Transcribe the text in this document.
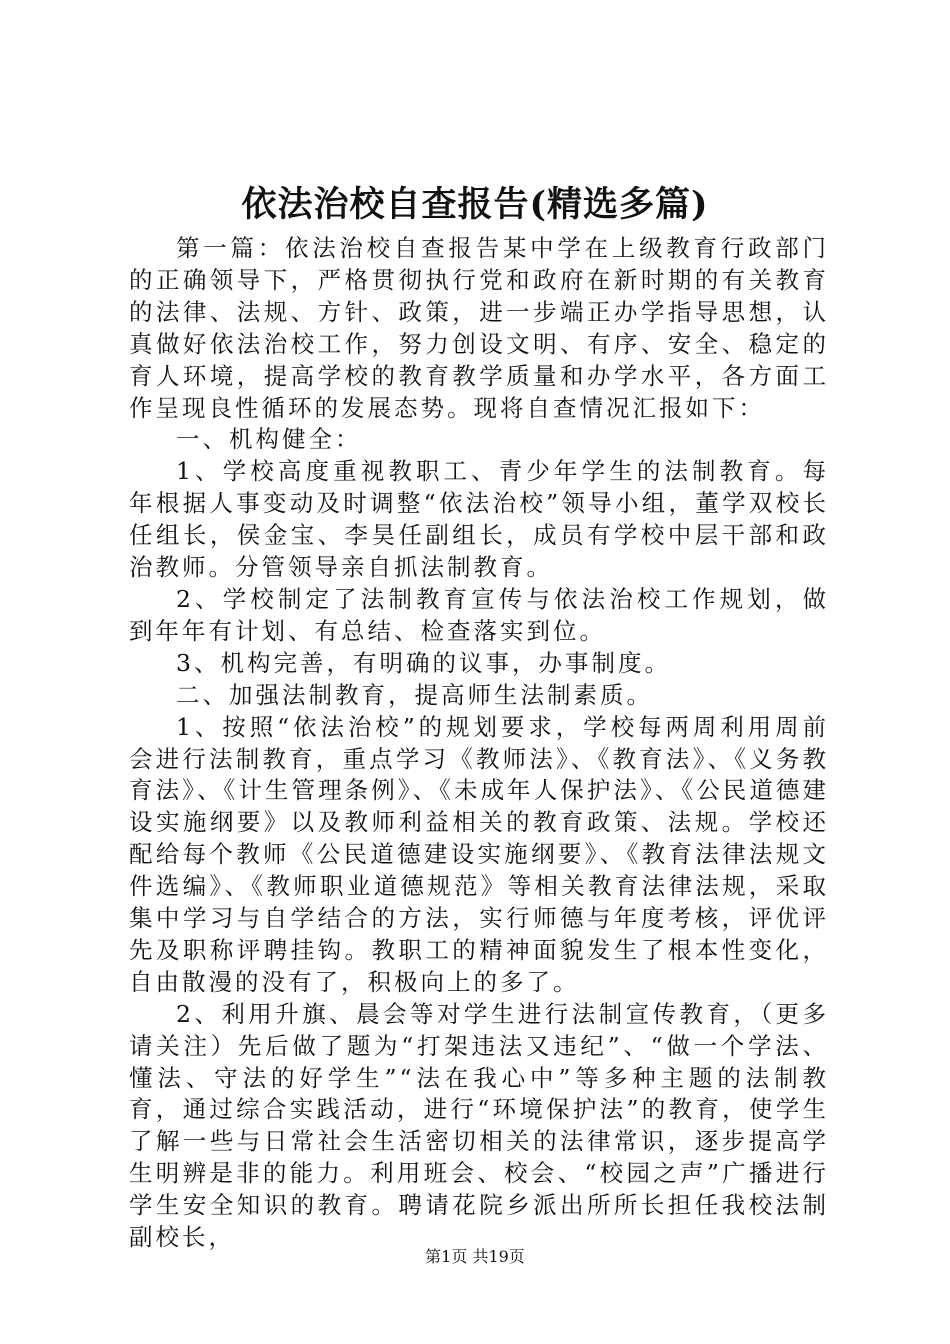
依法治校自查报告(精选多篇)

第一篇：依法治校自查报告某中学在上级教育行政部门的正确领导下，严格贯彻执行党和政府在新时期的有关教育的法律、法规、方针、政策，进一步端正办学指导思想，认真做好依法治校工作，努力创设文明、有序、安全、稳定的育人环境，提高学校的教育教学质量和办学水平，各方面工作呈现良性循环的发展态势。现将自查情况汇报如下：

一、机构健全：

1、学校高度重视教职工、青少年学生的法制教育。每年根据人事变动及时调整“依法治校”领导小组，董学双校长任组长，侯金宝、李昊任副组长，成员有学校中层干部和政治教师。分管领导亲自抓法制教育。

2、学校制定了法制教育宣传与依法治校工作规划，做到年年有计划、有总结、检查落实到位。

3、机构完善，有明确的议事，办事制度。

二、加强法制教育，提高师生法制素质。

1、按照“依法治校”的规划要求，学校每两周利用周前会进行法制教育，重点学习《教师法》、《教育法》、《义务教育法》、《计生管理条例》、《未成年人保护法》、《公民道德建设实施纲要》以及教师利益相关的教育政策、法规。学校还配给每个教师《公民道德建设实施纲要》、《教育法律法规文件选编》、《教师职业道德规范》等相关教育法律法规，采取集中学习与自学结合的方法，实行师德与年度考核，评优评先及职称评聘挂钩。教职工的精神面貌发生了根本性变化，自由散漫的没有了，积极向上的多了。

2、利用升旗、晨会等对学生进行法制宣传教育，（更多请关注）先后做了题为“打架违法又违纪”、“做一个学法、懂法、守法的好学生”“法在我心中”等多种主题的法制教育，通过综合实践活动，进行“环境保护法”的教育，使学生了解一些与日常社会生活密切相关的法律常识，逐步提高学生明辨是非的能力。利用班会、校会、“校园之声”广播进行学生安全知识的教育。聘请花院乡派出所所长担任我校法制副校长，

第1页 共19页
